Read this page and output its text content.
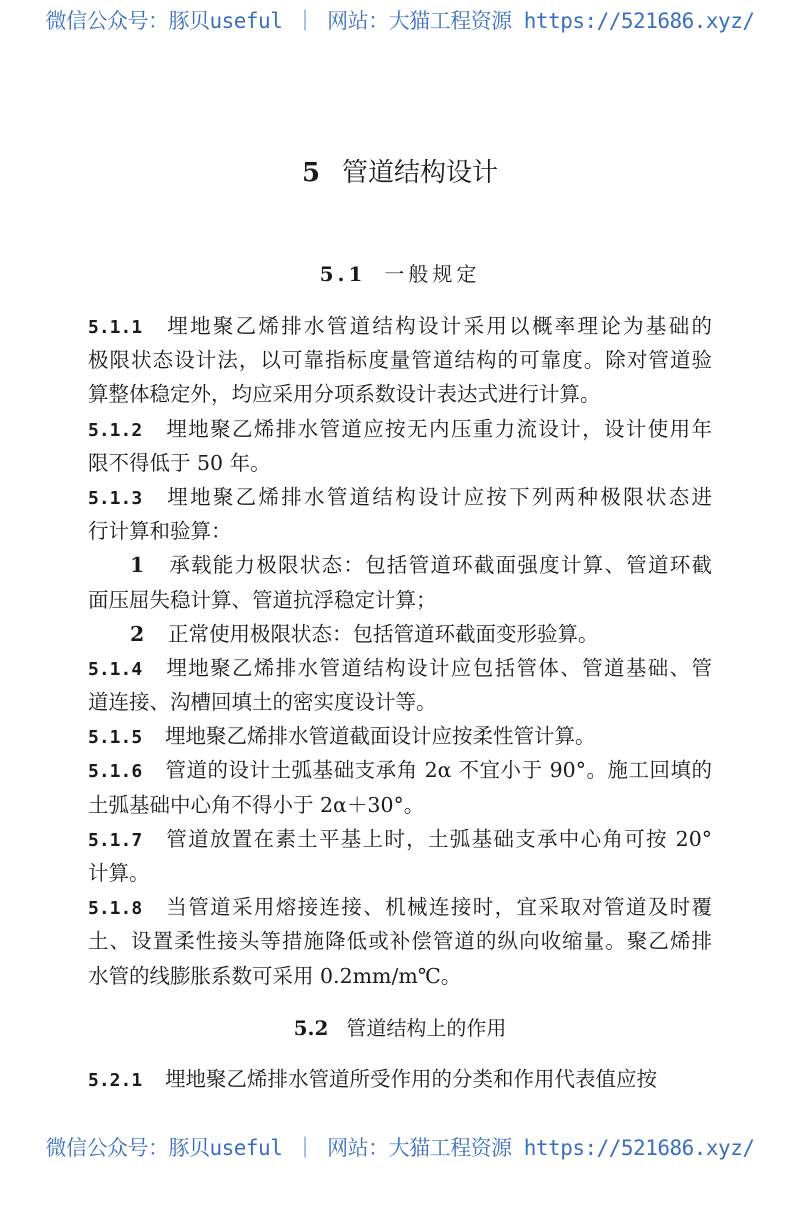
微信公众号：豚贝useful ｜ 网站：大猫工程资源 https://521686.xyz/
5 管道结构设计
5.1 一般规定
5.1.1 埋地聚乙烯排水管道结构设计采用以概率理论为基础的
极限状态设计法，以可靠指标度量管道结构的可靠度。除对管道验
算整体稳定外，均应采用分项系数设计表达式进行计算。
5.1.2 埋地聚乙烯排水管道应按无内压重力流设计，设计使用年
限不得低于 50 年。
5.1.3 埋地聚乙烯排水管道结构设计应按下列两种极限状态进
行计算和验算：
1 承载能力极限状态：包括管道环截面强度计算、管道环截
面压屈失稳计算、管道抗浮稳定计算；
2 正常使用极限状态：包括管道环截面变形验算。
5.1.4 埋地聚乙烯排水管道结构设计应包括管体、管道基础、管
道连接、沟槽回填土的密实度设计等。
5.1.5 埋地聚乙烯排水管道截面设计应按柔性管计算。
5.1.6 管道的设计土弧基础支承角 2α 不宜小于 90°。施工回填的
土弧基础中心角不得小于 2α＋30°。
5.1.7 管道放置在素土平基上时，土弧基础支承中心角可按 20°
计算。
5.1.8 当管道采用熔接连接、机械连接时，宜采取对管道及时覆
土、设置柔性接头等措施降低或补偿管道的纵向收缩量。聚乙烯排
水管的线膨胀系数可采用 0.2mm/m℃。
5.2 管道结构上的作用
5.2.1 埋地聚乙烯排水管道所受作用的分类和作用代表值应按
微信公众号：豚贝useful ｜ 网站：大猫工程资源 https://521686.xyz/
